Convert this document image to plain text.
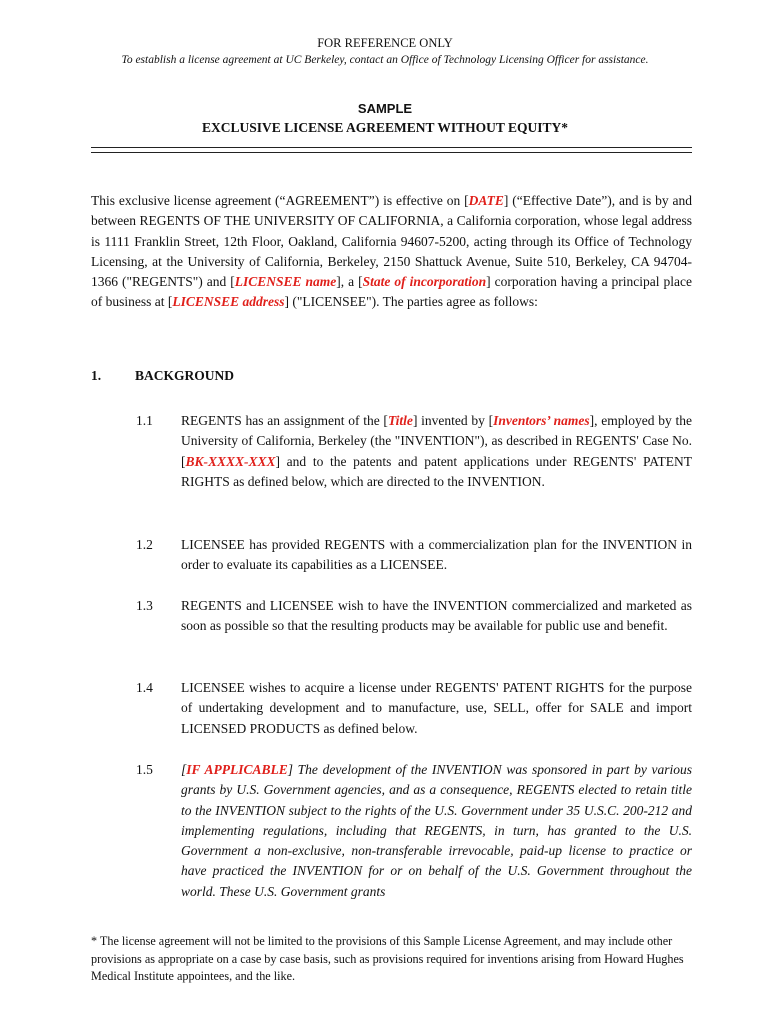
FOR REFERENCE ONLY
To establish a license agreement at UC Berkeley, contact an Office of Technology Licensing Officer for assistance.
SAMPLE
EXCLUSIVE LICENSE AGREEMENT WITHOUT EQUITY*
This exclusive license agreement (“AGREEMENT”) is effective on [DATE] (“Effective Date”), and is by and between REGENTS OF THE UNIVERSITY OF CALIFORNIA, a California corporation, whose legal address is 1111 Franklin Street, 12th Floor, Oakland, California 94607-5200, acting through its Office of Technology Licensing, at the University of California, Berkeley, 2150 Shattuck Avenue, Suite 510, Berkeley, CA 94704-1366 ("REGENTS") and [LICENSEE name], a [State of incorporation] corporation having a principal place of business at [LICENSEE address] ("LICENSEE"). The parties agree as follows:
1.	BACKGROUND
1.1 REGENTS has an assignment of the [Title] invented by [Inventors’ names], employed by the University of California, Berkeley (the "INVENTION"), as described in REGENTS' Case No. [BK-XXXX-XXX] and to the patents and patent applications under REGENTS' PATENT RIGHTS as defined below, which are directed to the INVENTION.
1.2 LICENSEE has provided REGENTS with a commercialization plan for the INVENTION in order to evaluate its capabilities as a LICENSEE.
1.3 REGENTS and LICENSEE wish to have the INVENTION commercialized and marketed as soon as possible so that the resulting products may be available for public use and benefit.
1.4 LICENSEE wishes to acquire a license under REGENTS' PATENT RIGHTS for the purpose of undertaking development and to manufacture, use, SELL, offer for SALE and import LICENSED PRODUCTS as defined below.
1.5 [IF APPLICABLE] The development of the INVENTION was sponsored in part by various grants by U.S. Government agencies, and as a consequence, REGENTS elected to retain title to the INVENTION subject to the rights of the U.S. Government under 35 U.S.C. 200-212 and implementing regulations, including that REGENTS, in turn, has granted to the U.S. Government a non-exclusive, non-transferable irrevocable, paid-up license to practice or have practiced the INVENTION for or on behalf of the U.S. Government throughout the world. These U.S. Government grants
* The license agreement will not be limited to the provisions of this Sample License Agreement, and may include other provisions as appropriate on a case by case basis, such as provisions required for inventions arising from Howard Hughes Medical Institute appointees, and the like.
